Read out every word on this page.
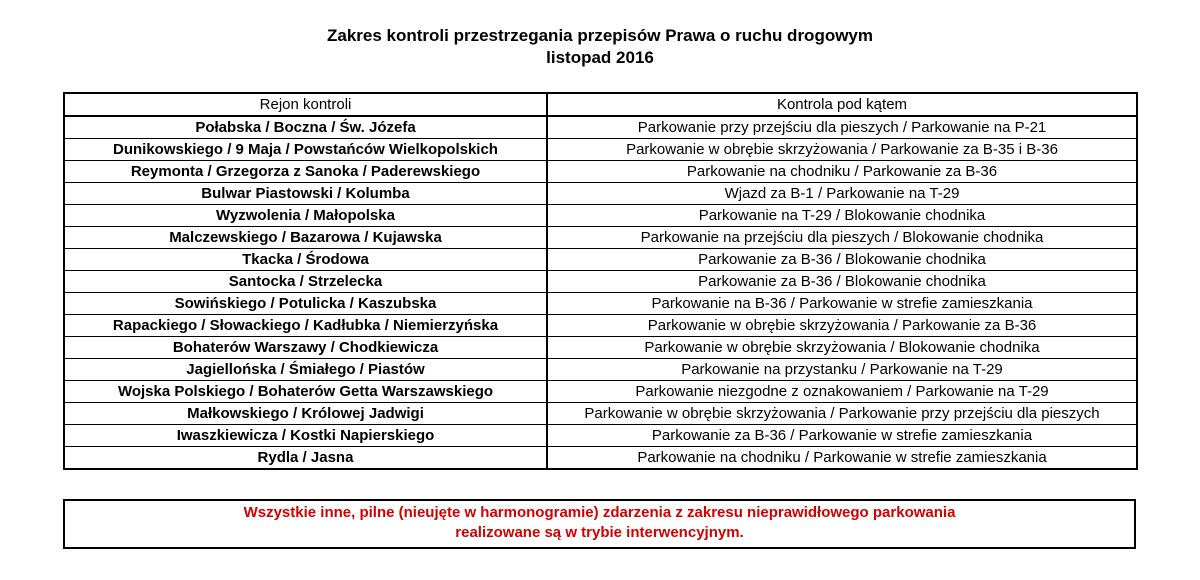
Zakres kontroli przestrzegania przepisów Prawa o ruchu drogowym
listopad 2016
Rejon kontroli	Kontrola pod kątem
Połabska / Boczna / Św. Józefa	Parkowanie przy przejściu dla pieszych / Parkowanie na P-21
Dunikowskiego / 9 Maja / Powstańców Wielkopolskich	Parkowanie w obrębie skrzyżowania / Parkowanie za B-35 i B-36
Reymonta / Grzegorza z Sanoka / Paderewskiego	Parkowanie na chodniku / Parkowanie za B-36
Bulwar Piastowski / Kolumba	Wjazd za B-1 / Parkowanie na T-29
Wyzwolenia / Małopolska	Parkowanie na T-29 / Blokowanie chodnika
Malczewskiego / Bazarowa / Kujawska	Parkowanie na przejściu dla pieszych / Blokowanie chodnika
Tkacka / Środowa	Parkowanie za B-36 / Blokowanie chodnika
Santocka / Strzelecka	Parkowanie za B-36 / Blokowanie chodnika
Sowińskiego / Potulicka / Kaszubska	Parkowanie na B-36 / Parkowanie w strefie zamieszkania
Rapackiego / Słowackiego / Kadłubka / Niemierzyńska	Parkowanie w obrębie skrzyżowania / Parkowanie za B-36
Bohaterów Warszawy / Chodkiewicza	Parkowanie w obrębie skrzyżowania / Blokowanie chodnika
Jagiellońska / Śmiałego / Piastów	Parkowanie na przystanku / Parkowanie na T-29
Wojska Polskiego / Bohaterów Getta Warszawskiego	Parkowanie niezgodne z oznakowaniem / Parkowanie na T-29
Małkowskiego / Królowej Jadwigi	Parkowanie w obrębie skrzyżowania / Parkowanie przy przejściu dla pieszych
Iwaszkiewicza / Kostki Napierskiego	Parkowanie za B-36 / Parkowanie w strefie zamieszkania
Rydla / Jasna	Parkowanie na chodniku / Parkowanie w strefie zamieszkania
Wszystkie inne, pilne (nieujęte w harmonogramie) zdarzenia z zakresu nieprawidłowego parkowania
realizowane są w trybie interwencyjnym.
